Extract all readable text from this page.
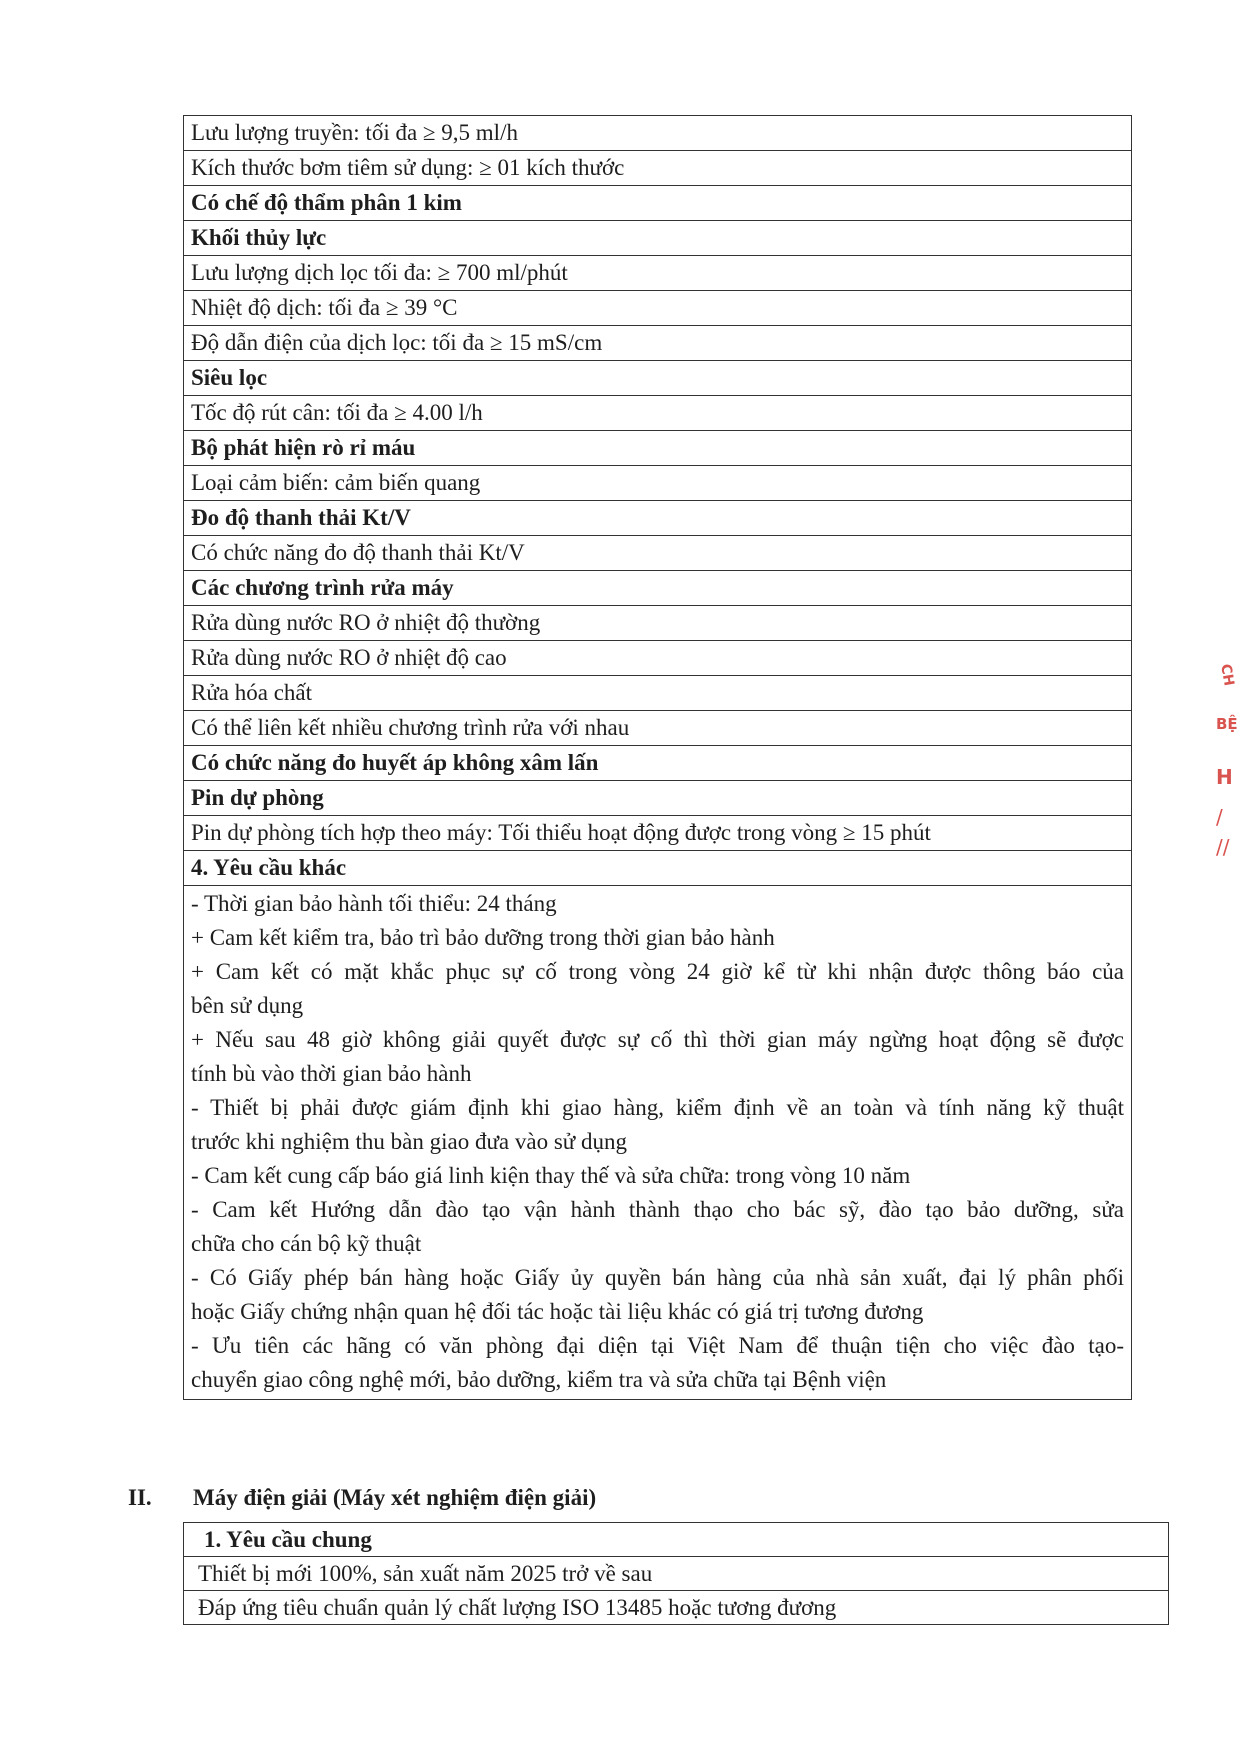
Lưu lượng truyền: tối đa ≥ 9,5 ml/h
Kích thước bơm tiêm sử dụng: ≥ 01 kích thước
Có chế độ thẩm phân 1 kim
Khối thủy lực
Lưu lượng dịch lọc tối đa: ≥ 700 ml/phút
Nhiệt độ dịch: tối đa ≥ 39 °C
Độ dẫn điện của dịch lọc: tối đa ≥ 15 mS/cm
Siêu lọc
Tốc độ rút cân: tối đa ≥ 4.00 l/h
Bộ phát hiện rò rỉ máu
Loại cảm biến: cảm biến quang
Đo độ thanh thải Kt/V
Có chức năng đo độ thanh thải Kt/V
Các chương trình rửa máy
Rửa dùng nước RO ở nhiệt độ thường
Rửa dùng nước RO ở nhiệt độ cao
Rửa hóa chất
Có thể liên kết nhiều chương trình rửa với nhau
Có chức năng đo huyết áp không xâm lấn
Pin dự phòng
Pin dự phòng tích hợp theo máy: Tối thiểu hoạt động được trong vòng ≥ 15 phút
4. Yêu cầu khác

- Thời gian bảo hành tối thiểu: 24 tháng
+ Cam kết kiểm tra, bảo trì bảo dưỡng trong thời gian bảo hành
+ Cam kết có mặt khắc phục sự cố trong vòng 24 giờ kể từ khi nhận được thông báo của
bên sử dụng
+ Nếu sau 48 giờ không giải quyết được sự cố thì thời gian máy ngừng hoạt động sẽ được
tính bù vào thời gian bảo hành
- Thiết bị phải được giám định khi giao hàng, kiểm định về an toàn và tính năng kỹ thuật
trước khi nghiệm thu bàn giao đưa vào sử dụng
- Cam kết cung cấp báo giá linh kiện thay thế và sửa chữa: trong vòng 10 năm
- Cam kết Hướng dẫn đào tạo vận hành thành thạo cho bác sỹ, đào tạo bảo dưỡng, sửa
chữa cho cán bộ kỹ thuật
- Có Giấy phép bán hàng hoặc Giấy ủy quyền bán hàng của nhà sản xuất, đại lý phân phối
hoặc Giấy chứng nhận quan hệ đối tác hoặc tài liệu khác có giá trị tương đương
- Ưu tiên các hãng có văn phòng đại diện tại Việt Nam để thuận tiện cho việc đào tạo-
chuyển giao công nghệ mới, bảo dưỡng, kiểm tra và sửa chữa tại Bệnh viện
II. Máy điện giải (Máy xét nghiệm điện giải)
1. Yêu cầu chung
Thiết bị mới 100%, sản xuất năm 2025 trở về sau
Đáp ứng tiêu chuẩn quản lý chất lượng ISO 13485 hoặc tương đương
CH
BỆ
H
/
//
